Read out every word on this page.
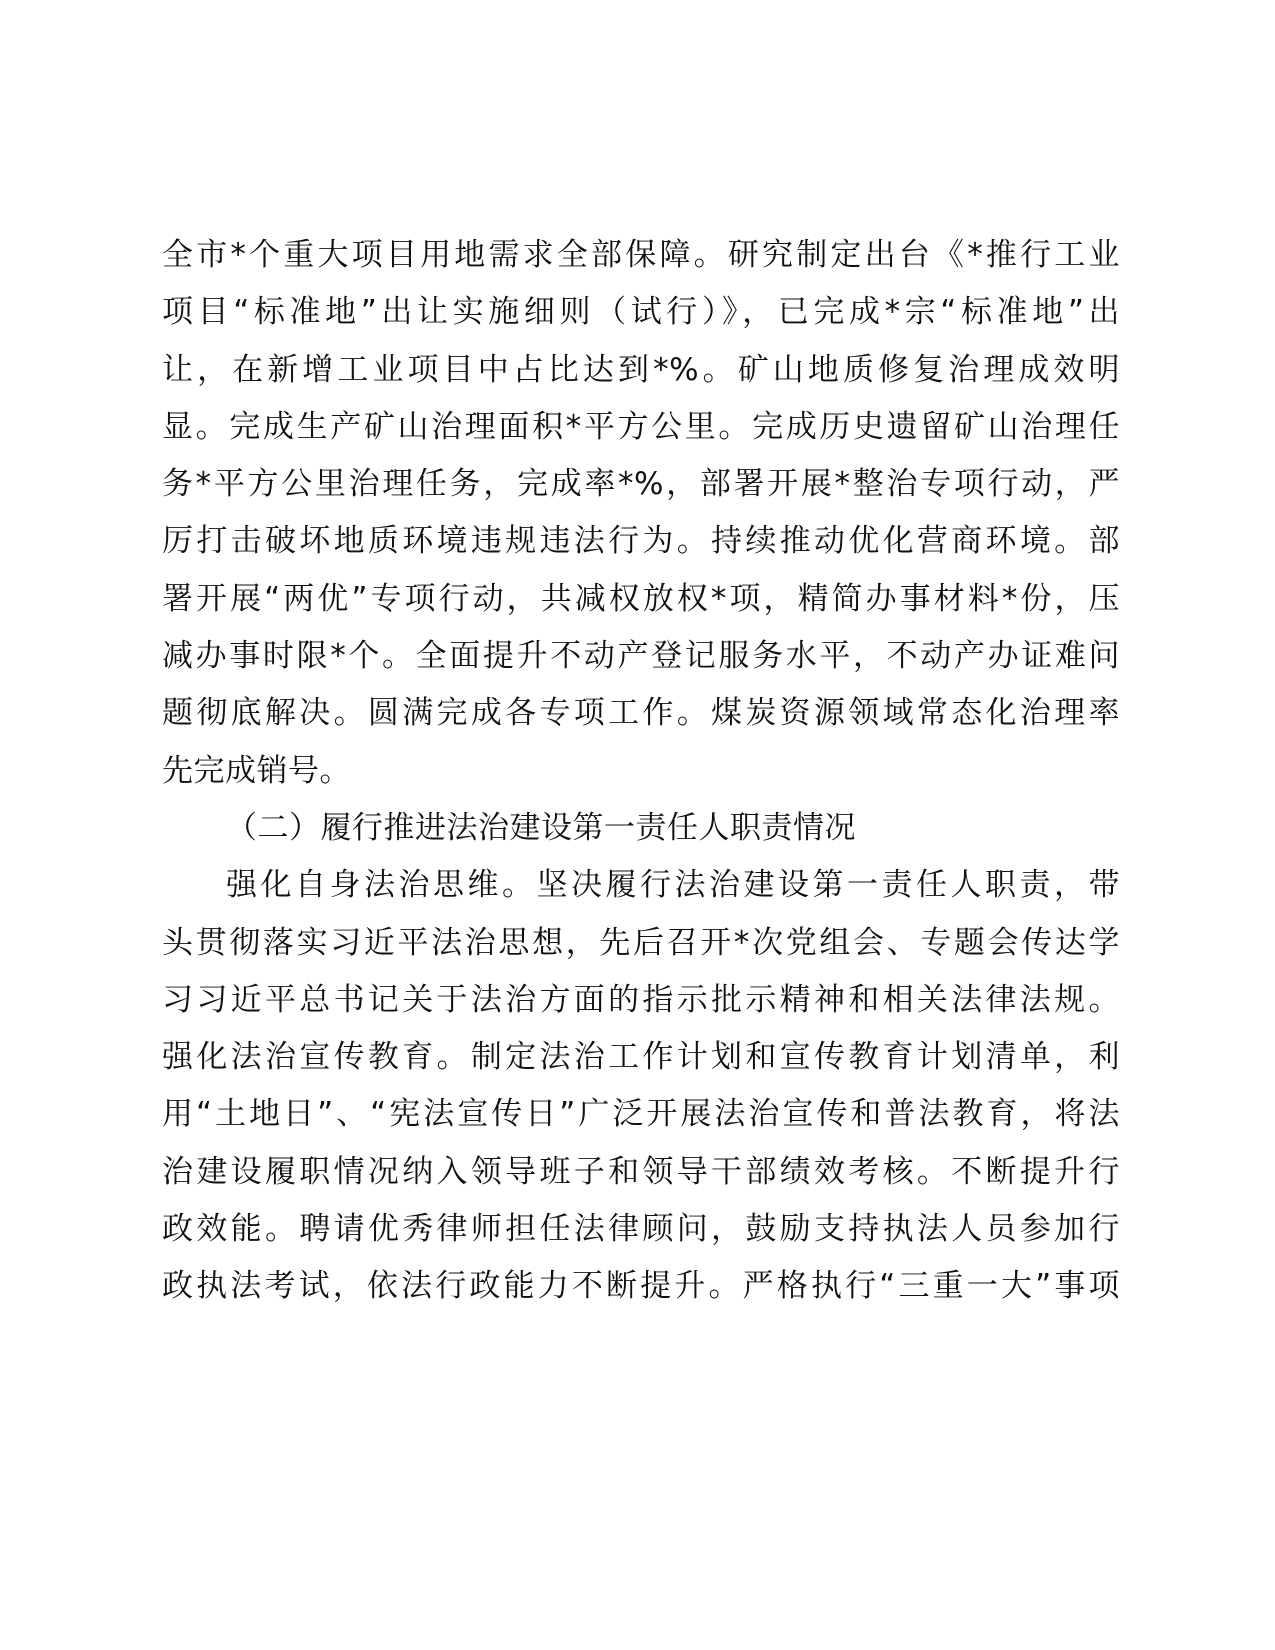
全市*个重大项目用地需求全部保障。研究制定出台《*推行工业
项目“标准地”出让实施细则（试行）》，已完成*宗“标准地”出
让，在新增工业项目中占比达到*%。矿山地质修复治理成效明
显。完成生产矿山治理面积*平方公里。完成历史遗留矿山治理任
务*平方公里治理任务，完成率*%，部署开展*整治专项行动，严
厉打击破坏地质环境违规违法行为。持续推动优化营商环境。部
署开展“两优”专项行动，共减权放权*项，精简办事材料*份，压
减办事时限*个。全面提升不动产登记服务水平，不动产办证难问
题彻底解决。圆满完成各专项工作。煤炭资源领域常态化治理率
先完成销号。
（二）履行推进法治建设第一责任人职责情况
强化自身法治思维。坚决履行法治建设第一责任人职责，带
头贯彻落实习近平法治思想，先后召开*次党组会、专题会传达学
习习近平总书记关于法治方面的指示批示精神和相关法律法规。
强化法治宣传教育。制定法治工作计划和宣传教育计划清单，利
用“土地日”、“宪法宣传日”广泛开展法治宣传和普法教育，将法
治建设履职情况纳入领导班子和领导干部绩效考核。不断提升行
政效能。聘请优秀律师担任法律顾问，鼓励支持执法人员参加行
政执法考试，依法行政能力不断提升。严格执行“三重一大”事项
